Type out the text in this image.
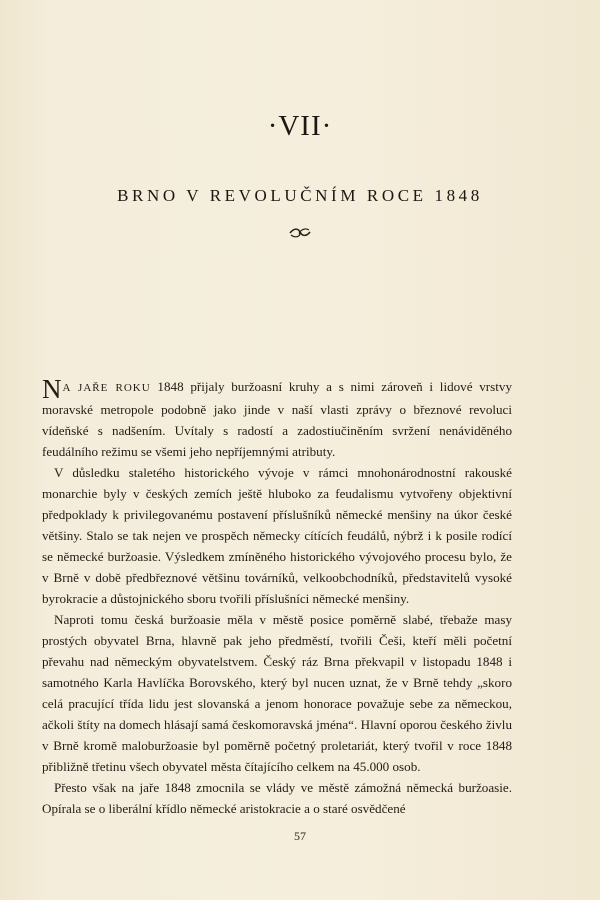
·VII·
BRNO V REVOLUČNÍM ROCE 1848

N A JAŘE ROKU 1848 přijaly buržoasní kruhy a s nimi zároveň i lidové vrstvy moravské metropole podobně jako jinde v naší vlasti zprávy o březnové revoluci vídeňské s nadšením. Uvítaly s radostí a zadostiučiněním svržení nenáviděného feudálního režimu se všemi jeho nepříjemnými atributy.

V důsledku staletého historického vývoje v rámci mnohonárodnostní rakouské monarchie byly v českých zemích ještě hluboko za feudalismu vytvořeny objektivní předpoklady k privilegovanému postavení příslušníků německé menšiny na úkor české většiny. Stalo se tak nejen ve prospěch německy cítících feudálů, nýbrž i k posile rodící se německé buržoasie. Výsledkem zmíněného historického vývojového procesu bylo, že v Brně v době předbřeznové většinu továrníků, velkoobchodníků, představitelů vysoké byrokracie a důstojnického sboru tvořili příslušníci německé menšiny.

Naproti tomu česká buržoasie měla v městě posice poměrně slabé, třebaže masy prostých obyvatel Brna, hlavně pak jeho předměstí, tvořili Češi, kteří měli početní převahu nad německým obyvatelstvem. Český ráz Brna překvapil v listopadu 1848 i samotného Karla Havlíčka Borovského, který byl nucen uznat, že v Brně tehdy „skoro celá pracující třída lidu jest slovanská a jenom honorace považuje sebe za německou, ačkoli štíty na domech hlásají samá českomoravská jména“. Hlavní oporou českého živlu v Brně kromě maloburžoasie byl poměrně početný proletariát, který tvořil v roce 1848 přibližně třetinu všech obyvatel města čítajícího celkem na 45.000 osob.

Přesto však na jaře 1848 zmocnila se vlády ve městě zámožná německá buržoasie. Opírala se o liberální křídlo německé aristokracie a o staré osvědčené

57
